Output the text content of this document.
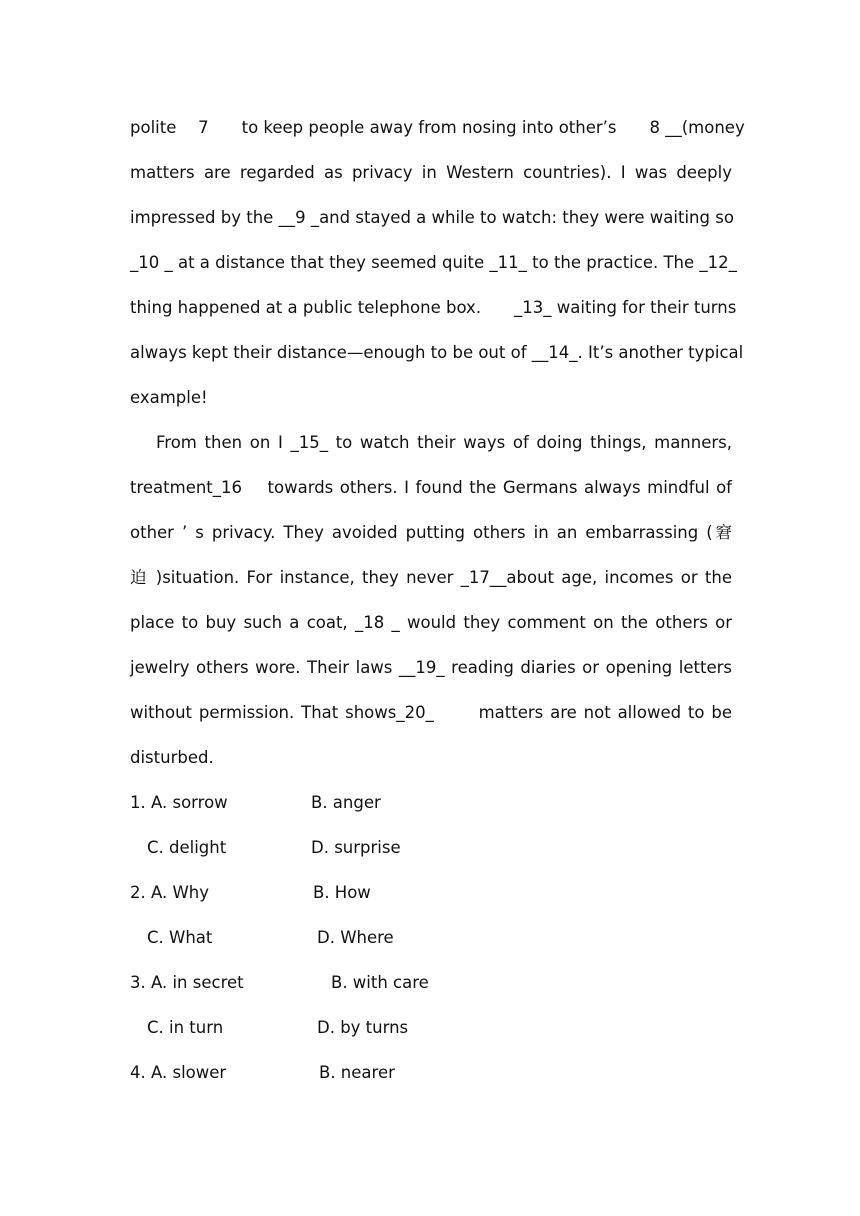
polite　 7　　to keep people away from nosing into other’s　　8 __(money
matters are regarded as privacy in Western countries). I was deeply
impressed by the __9 _and stayed a while to watch: they were waiting so
_10 _ at a distance that they seemed quite _11_ to the practice. The _12_
thing happened at a public telephone box.　　_13_ waiting for their turns
always kept their distance—enough to be out of __14_. It’s another typical
example!
From then on I _15_ to watch their ways of doing things, manners,
treatment_16　 towards others. I found the Germans always mindful of
other ’ s privacy. They avoided putting others in an embarrassing (窘
迫 )situation. For instance, they never _17__about age, incomes or the
place to buy such a coat, _18 _ would they comment on the others or
jewelry others wore. Their laws __19_ reading diaries or opening letters
without permission. That shows_20_　　 matters are not allowed to be
disturbed.
1. A. sorrow	B. anger
C. delight	D. surprise
2. A. Why	B. How
C. What	D. Where
3. A. in secret	B. with care
C. in turn	D. by turns
4. A. slower	B. nearer
